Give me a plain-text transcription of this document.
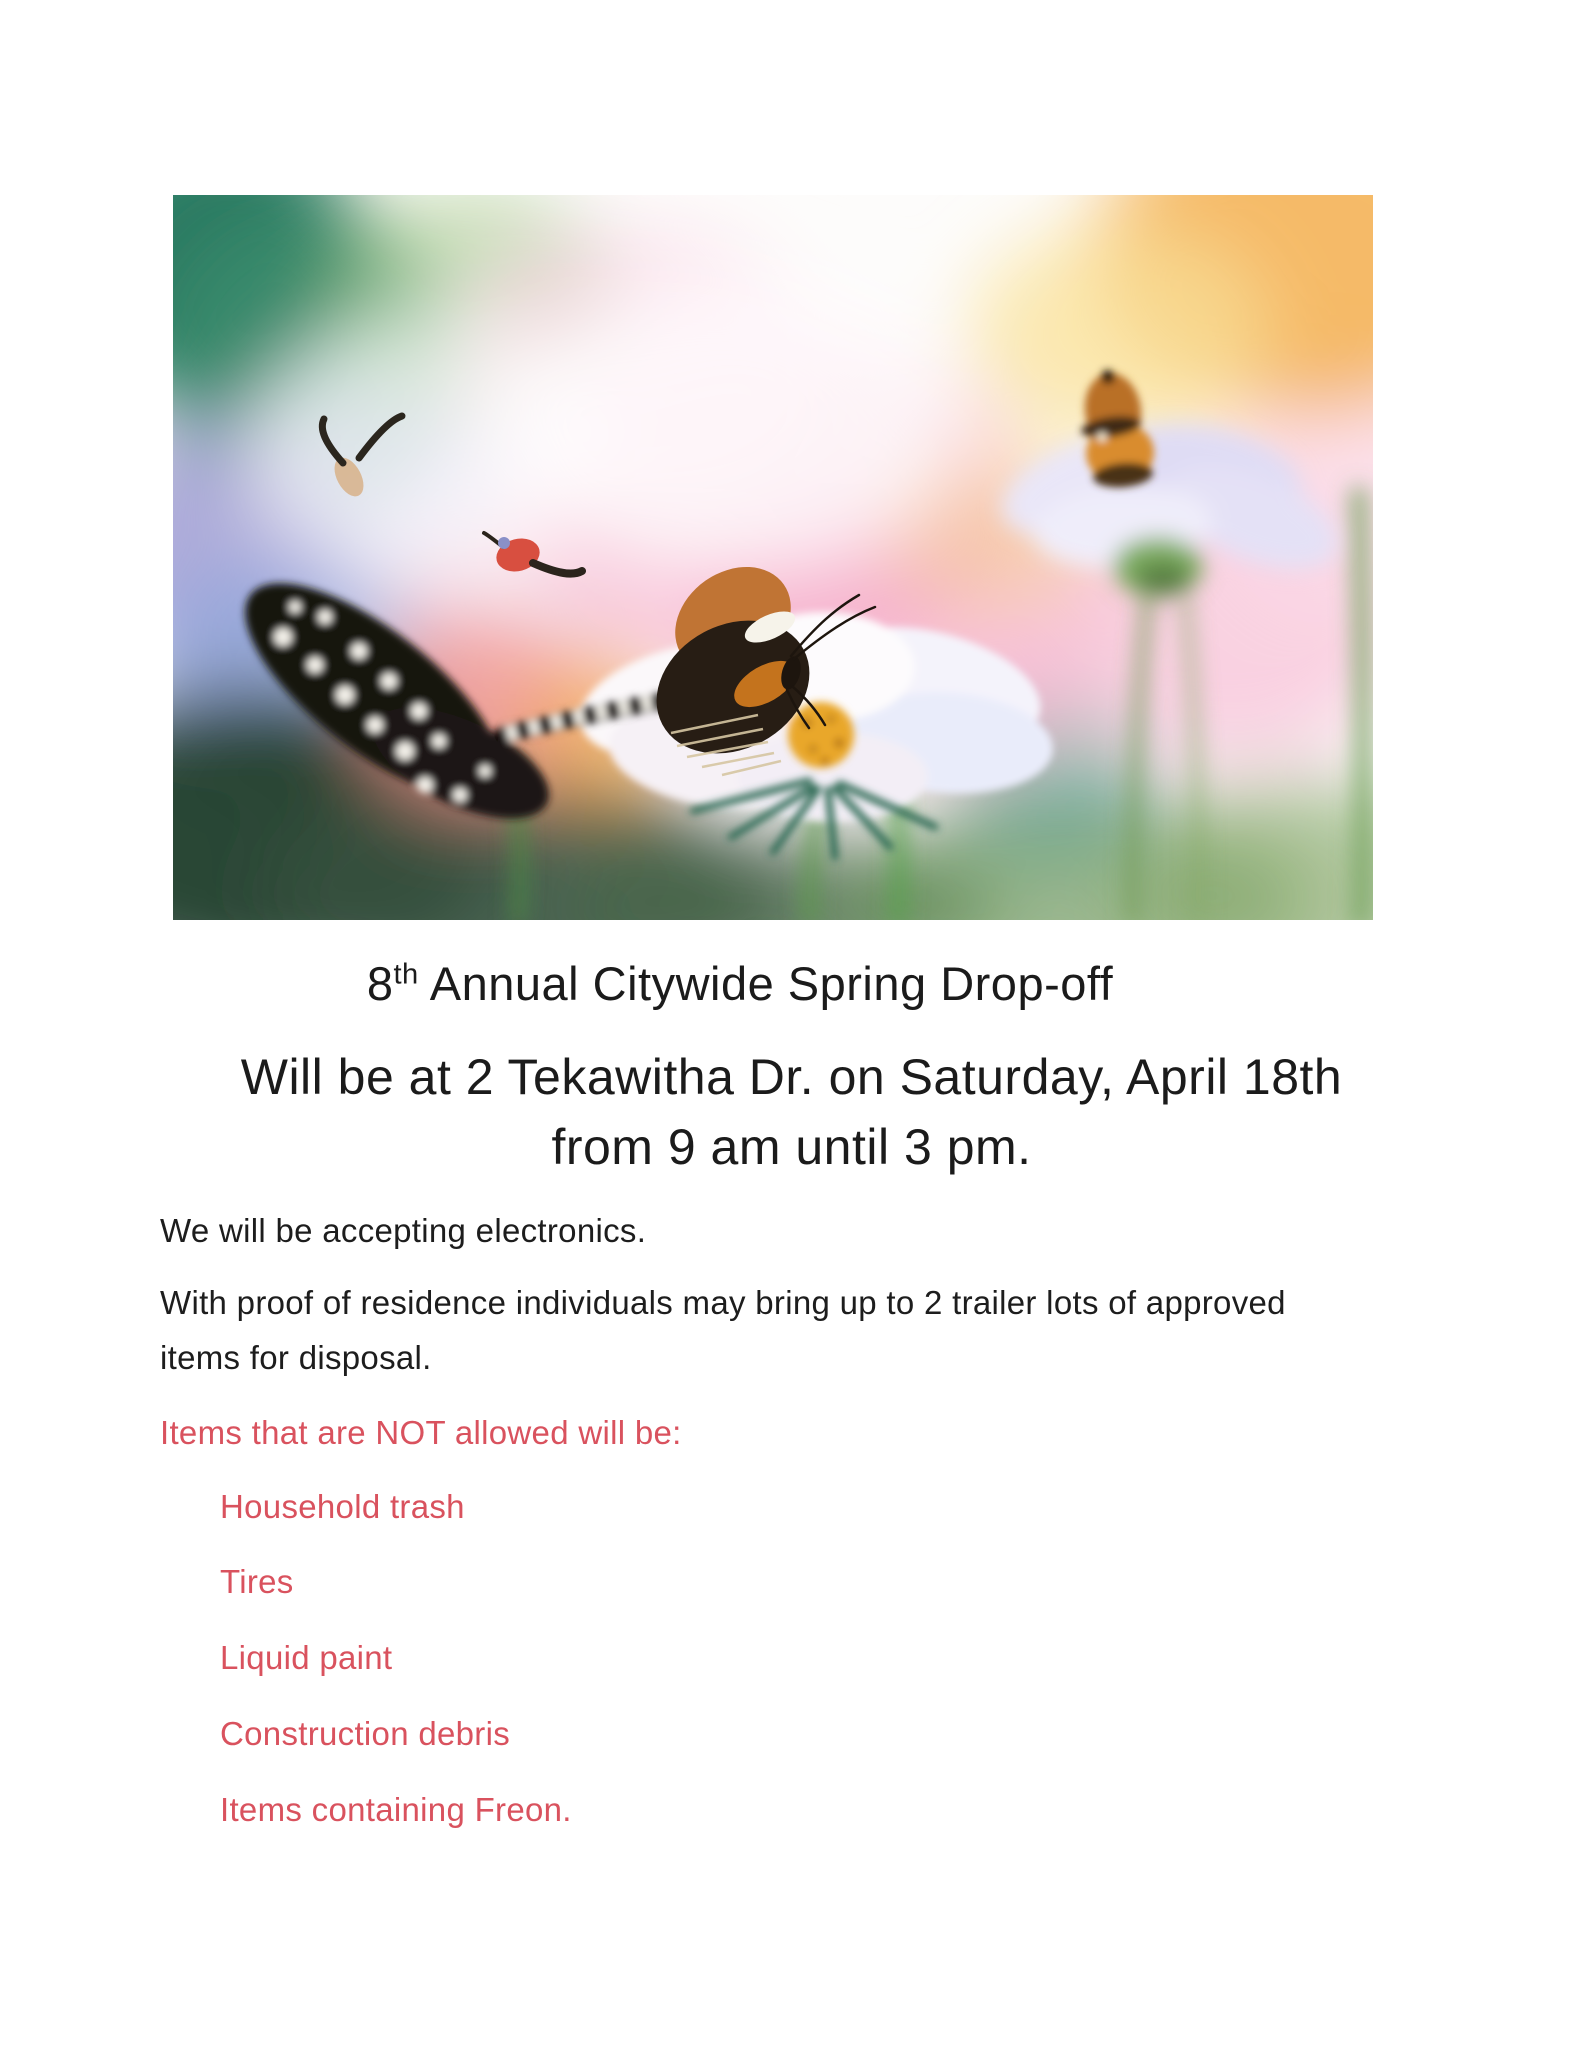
8th Annual Citywide Spring Drop-off
Will be at 2 Tekawitha Dr. on Saturday, April 18th
from 9 am until 3 pm.

We will be accepting electronics.

With proof of residence individuals may bring up to 2 trailer lots of approved

items for disposal.

Items that are NOT allowed will be:

Household trash

Tires

Liquid paint

Construction debris

Items containing Freon.
